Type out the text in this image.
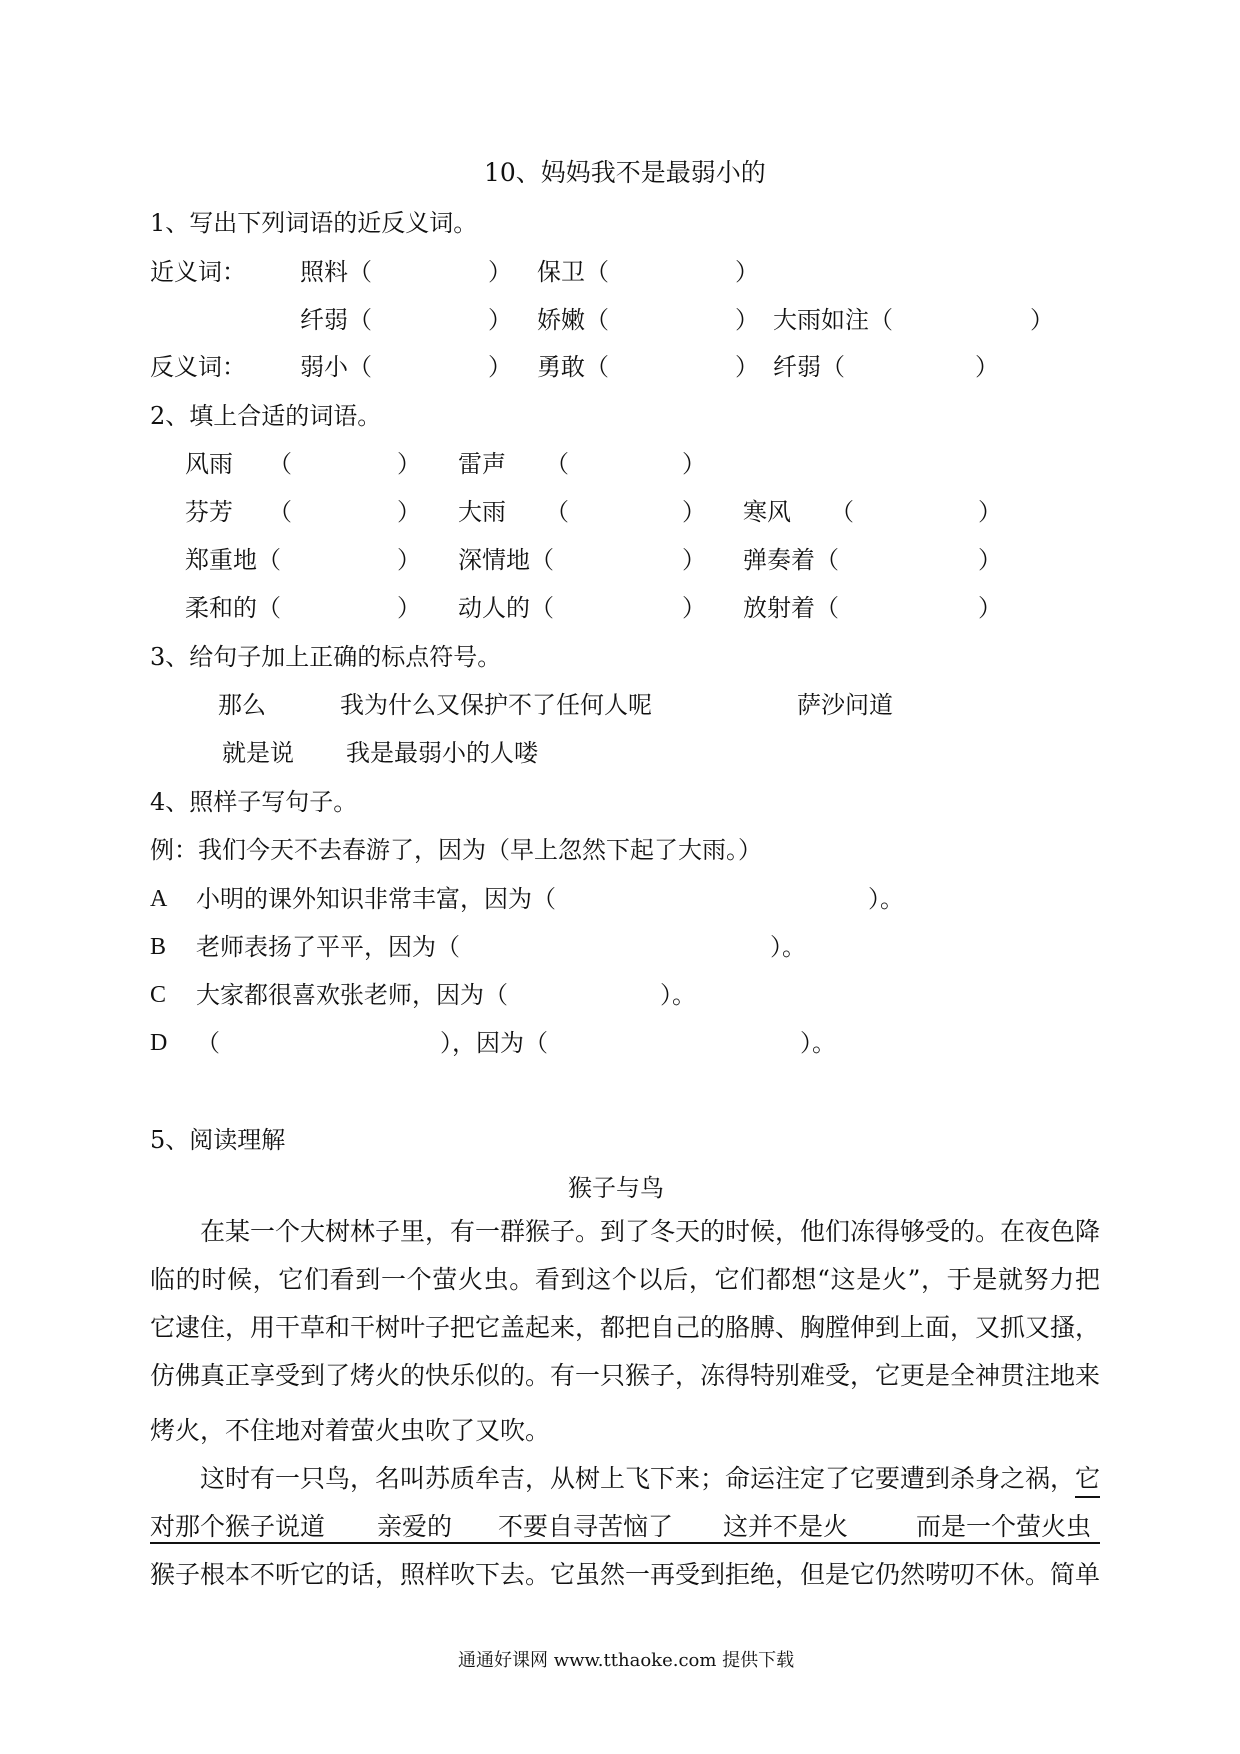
10、妈妈我不是最弱小的
1、写出下列词语的近反义词。
近义词： 照料（	） 保卫（	）
纤弱（	） 娇嫩（	） 大雨如注（	）
反义词： 弱小（	） 勇敢（	） 纤弱（	）
2、填上合适的词语。
风雨 （	） 雷声 （	）
芬芳 （	） 大雨 （	） 寒风 （	）
郑重地（	） 深情地（	） 弹奏着（	）
柔和的（	） 动人的（	） 放射着（	）
3、给句子加上正确的标点符号。
那么	我为什么又保护不了任何人呢	萨沙问道
就是说 我是最弱小的人喽
4、照样子写句子。
例：我们今天不去春游了，因为（早上忽然下起了大雨。）
A 小明的课外知识非常丰富，因为（	）。
B 老师表扬了平平，因为（	）。
C 大家都很喜欢张老师，因为（	）。
D （	），因为（	）。
5、阅读理解
猴子与鸟
在某一个大树林子里，有一群猴子。到了冬天的时候，他们冻得够受的。在夜色降临的时候，它们看到一个萤火虫。看到这个以后，它们都想“这是火”，于是就努力把它逮住，用干草和干树叶子把它盖起来，都把自己的胳膊、胸膛伸到上面，又抓又搔，仿佛真正享受到了烤火的快乐似的。有一只猴子，冻得特别难受，它更是全神贯注地来
烤火，不住地对着萤火虫吹了又吹。
这时有一只鸟，名叫苏质牟吉，从树上飞下来；命运注定了它要遭到杀身之祸，它
对那个猴子说道 亲爱的 不要自寻苦恼了 这并不是火	而是一个萤火虫
猴子根本不听它的话，照样吹下去。它虽然一再受到拒绝，但是它仍然唠叨不休。简单
通通好课网 www.tthaoke.com 提供下载
